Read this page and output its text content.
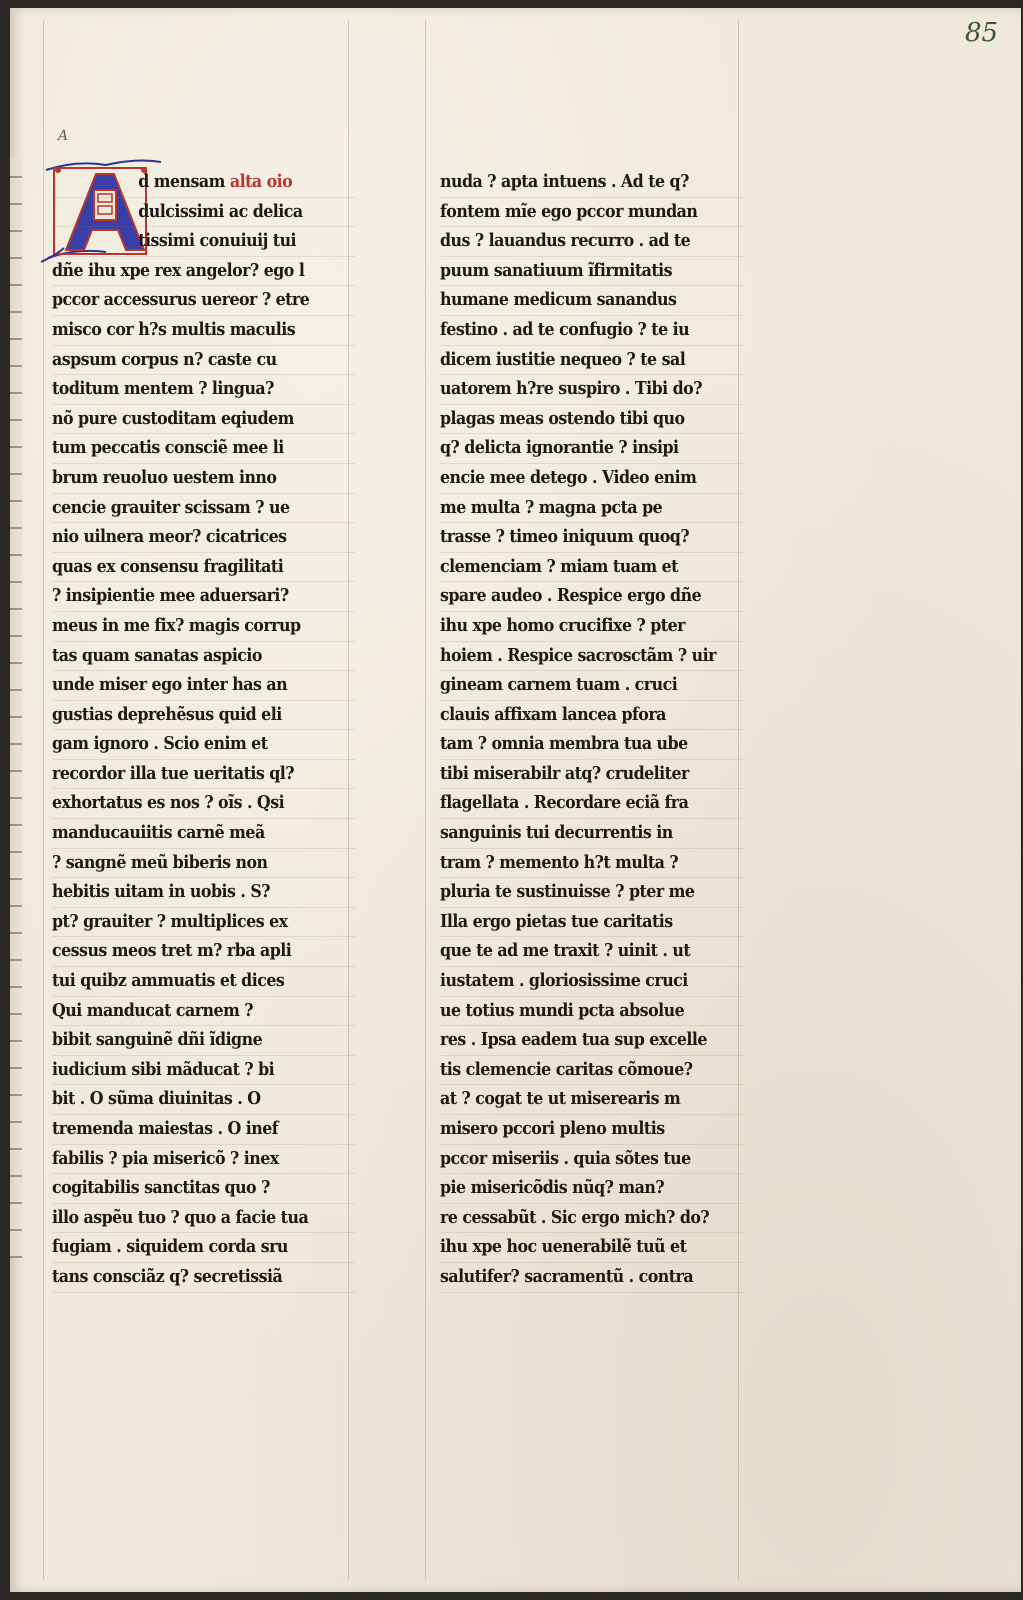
85
A
d mensam alta oio
dulcissimi ac delica
tissimi conuiuij tui
dñe ihu xpe rex angelor? ego l
pccor accessurus uereor ? etre
misco cor h?s multis maculis
aspsum corpus n? caste cu
toditum mentem ? lingua?
nõ pure custoditam eqiudem
tum peccatis consciẽ mee li
brum reuoluo uestem inno
cencie grauiter scissam ? ue
nio uilnera meor? cicatrices
quas ex consensu fragilitati
? insipientie mee aduersari?
meus in me fix? magis corrup
tas quam sanatas aspicio
unde miser ego inter has an
gustias deprehẽsus quid eli
gam ignoro . Scio enim et
recordor illa tue ueritatis ql?
exhortatus es nos ? oĩs . Qsi
manducauiitis carnẽ meã
? sangnẽ meũ biberis non
hebitis uitam in uobis . S?
pt? grauiter ? multiplices ex
cessus meos tret m? rba apli
tui quibz ammuatis et dices
Qui manducat carnem ?
bibit sanguinẽ dñi ĩdigne
iudicium sibi mãducat ? bi
bit . O sũma diuinitas . O
tremenda maiestas . O inef
fabilis ? pia misericõ ? inex
cogitabilis sanctitas quo ?
illo aspẽu tuo ? quo a facie tua
fugiam . siquidem corda sru
tans consciãz q? secretissiã
nuda ? apta intuens . Ad te q?
fontem mĩe ego pccor mundan
dus ? lauandus recurro . ad te
puum sanatiuum ĩfirmitatis
humane medicum sanandus
festino . ad te confugio ? te iu
dicem iustitie nequeo ? te sal
uatorem h?re suspiro . Tibi do?
plagas meas ostendo tibi quo
q? delicta ignorantie ? insipi
encie mee detego . Video enim
me multa ? magna pcta pe
trasse ? timeo iniquum quoq?
clemenciam ? miam tuam et
spare audeo . Respice ergo dñe
ihu xpe homo crucifixe ? pter
hoiem . Respice sacrosctãm ? uir
gineam carnem tuam . cruci
clauis affixam lancea pfora
tam ? omnia membra tua ube
tibi miserabilr atq? crudeliter
flagellata . Recordare eciã fra
sanguinis tui decurrentis in
tram ? memento h?t multa ?
pluria te sustinuisse ? pter me
Illa ergo pietas tue caritatis
que te ad me traxit ? uinit . ut
iustatem . gloriosissime cruci
ue totius mundi pcta absolue
res . Ipsa eadem tua sup excelle
tis clemencie caritas cõmoue?
at ? cogat te ut miserearis m
misero pccori pleno multis
pccor miseriis . quia sõtes tue
pie misericõdis nũq? man?
re cessabũt . Sic ergo mich? do?
ihu xpe hoc uenerabilẽ tuũ et
salutifer? sacramentũ . contra
